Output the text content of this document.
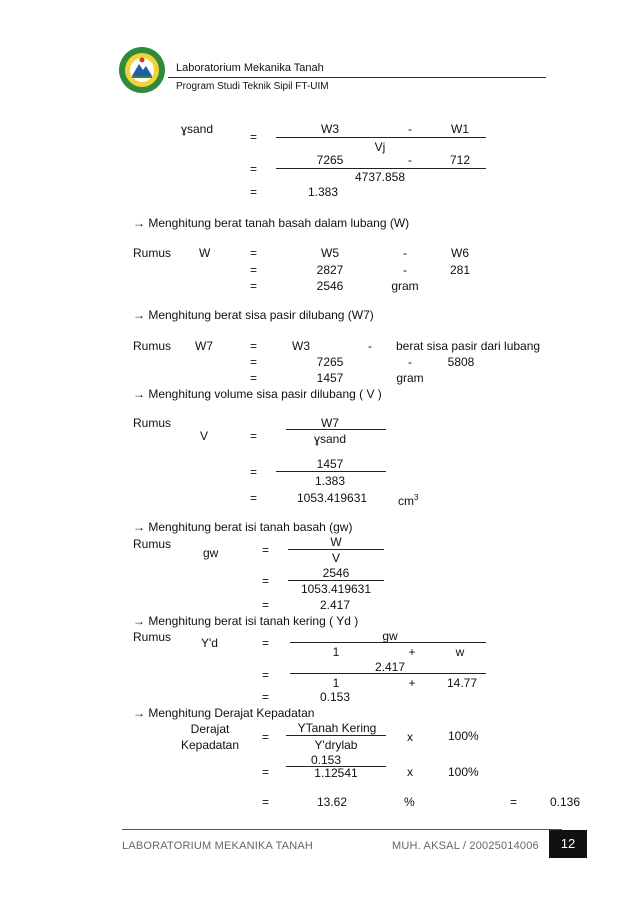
Laboratorium Mekanika Tanah
Program Studi Teknik Sipil FT-UIM
ɣsand
=
W3	-	W1
Vj
=
7265	-	712
4737.858
=	1.383
→ Menghitung berat tanah basah dalam lubang (W)
Rumus W	=	W5	-	W6
=	2827	-	281
=	2546	gram
→ Menghitung berat sisa pasir dilubang (W7)
Rumus W7	=	W3	-	berat sisa pasir dari lubang
=	7265	-	5808
=	1457	gram
→ Menghitung volume sisa pasir dilubang ( V )
Rumus
V	=
W7
ɣsand
=
1457
1.383
=	1053.419631	$cm^3$
→ Menghitung berat isi tanah basah (gw)
Rumus
gw	=
W
V
=
2546
1053.419631
=	2.417
→ Menghitung berat isi tanah kering ( Yd )
Rumus Y'd	=	gw
1	+	w
=
2.417
1	+	14.77
=	0.153
→ Menghitung Derajat Kepadatan
Derajat
Kepadatan
=
YTanah Kering
Y'drylab
x	100%
0.153
=	1.12541	x	100%
=	13.62	%	=	0.136
LABORATORIUM MEKANIKA TANAH	MUH. AKSAL / 20025014006	12
